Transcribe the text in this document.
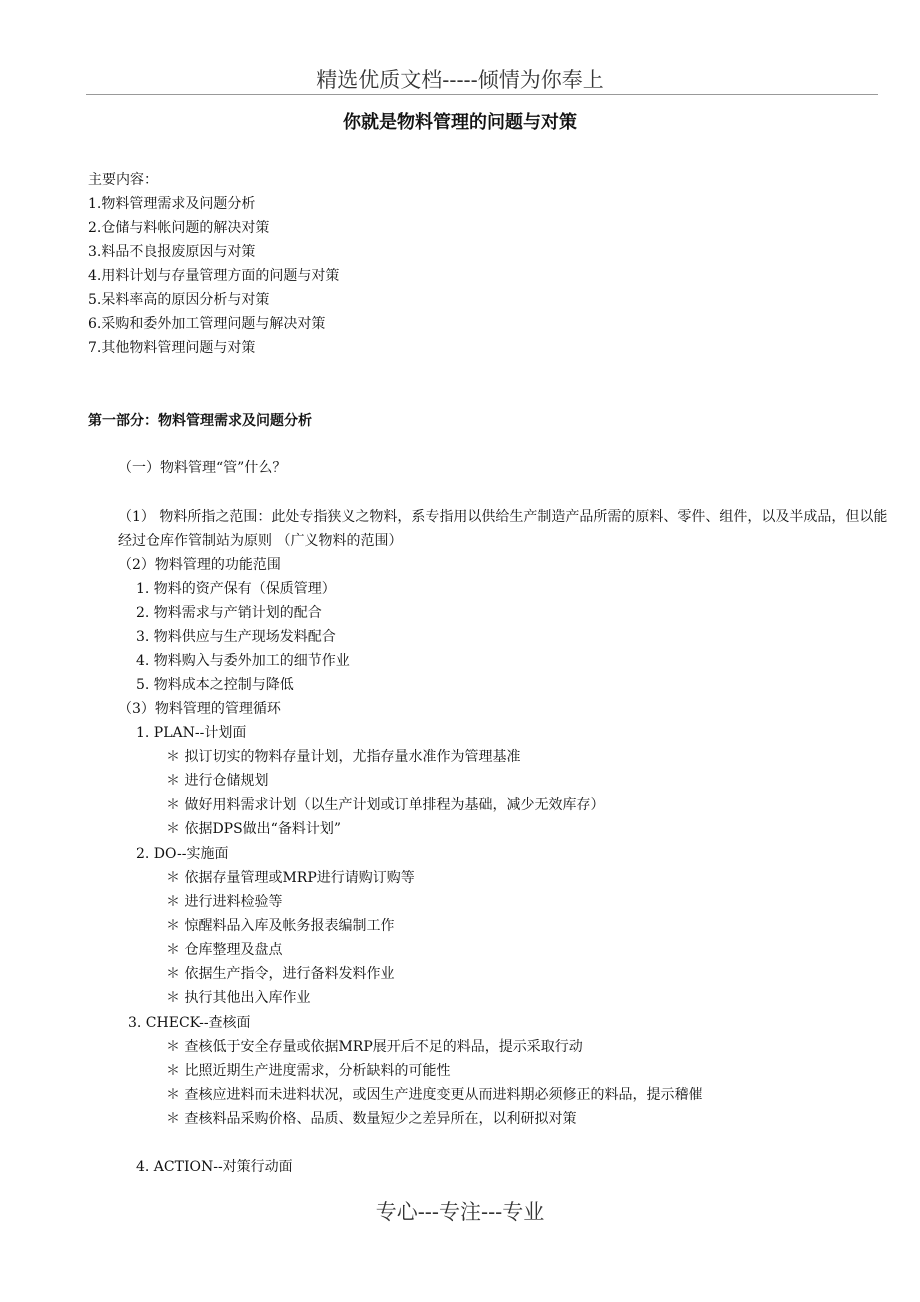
精选优质文档-----倾情为你奉上
你就是物料管理的问题与对策
主要内容：
1.物料管理需求及问题分析
2.仓储与料帐问题的解决对策
3.料品不良报废原因与对策
4.用料计划与存量管理方面的问题与对策
5.呆料率高的原因分析与对策
6.采购和委外加工管理问题与解决对策
7.其他物料管理问题与对策
第一部分：物料管理需求及问题分析
（一）物料管理“管”什么？
（1） 物料所指之范围：此处专指狭义之物料，系专指用以供给生产制造产品所需的原料、零件、组件，以及半成品，但以能经过仓库作管制站为原则 （广义物料的范围）
（2）物料管理的功能范围
1. 物料的资产保有（保质管理）
2. 物料需求与产销计划的配合
3. 物料供应与生产现场发料配合
4. 物料购入与委外加工的细节作业
5. 物料成本之控制与降低
（3）物料管理的管理循环
1. PLAN--计划面
＊ 拟订切实的物料存量计划，尤指存量水准作为管理基准
＊ 进行仓储规划
＊ 做好用料需求计划（以生产计划或订单排程为基础，减少无效库存）
＊ 依据DPS做出“备料计划”
2. DO--实施面
＊ 依据存量管理或MRP进行请购订购等
＊ 进行进料检验等
＊ 惊醒料品入库及帐务报表编制工作
＊ 仓库整理及盘点
＊ 依据生产指令，进行备料发料作业
＊ 执行其他出入库作业
3. CHECK--查核面
＊ 查核低于安全存量或依据MRP展开后不足的料品，提示采取行动
＊ 比照近期生产进度需求，分析缺料的可能性
＊ 查核应进料而未进料状况，或因生产进度变更从而进料期必须修正的料品，提示稽催
＊ 查核料品采购价格、品质、数量短少之差异所在，以利研拟对策
4. ACTION--对策行动面
专心---专注---专业
